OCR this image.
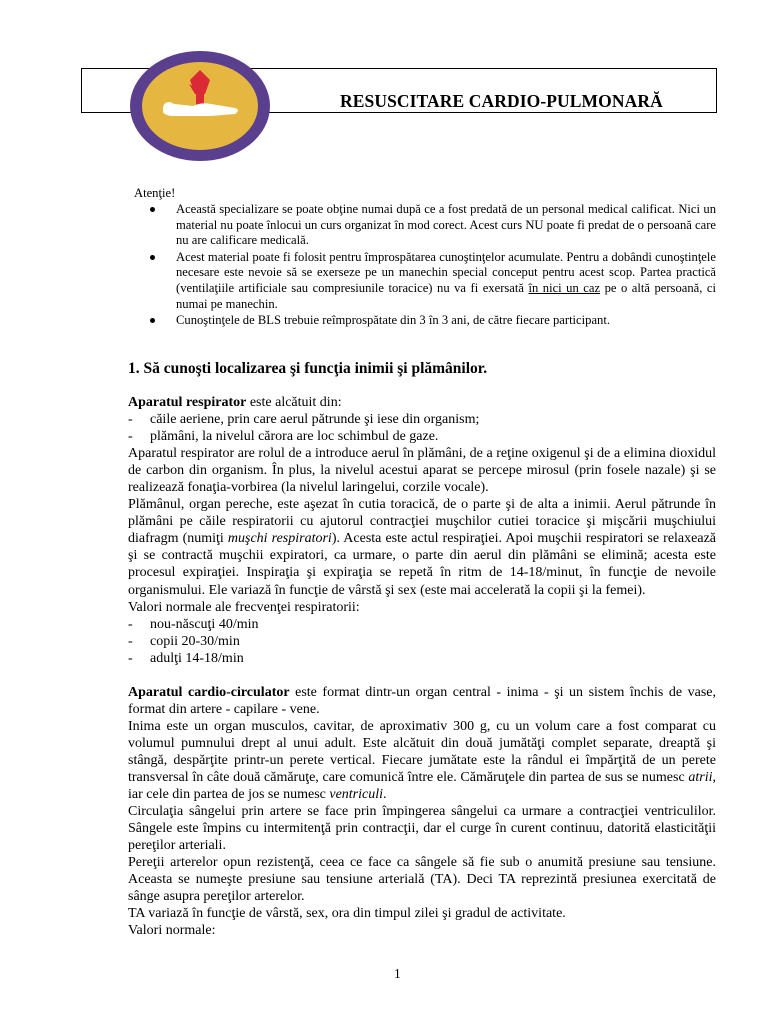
RESUSCITARE CARDIO-PULMONARĂ
Atenţie!
Această specializare se poate obţine numai după ce a fost predată de un personal medical calificat. Nici un material nu poate înlocui un curs organizat în mod corect. Acest curs NU poate fi predat de o persoană care nu are calificare medicală.
Acest material poate fi folosit pentru împrospătarea cunoştinţelor acumulate. Pentru a dobândi cunoştinţele necesare este nevoie să se exerseze pe un manechin special conceput pentru acest scop. Partea practică (ventilaţiile artificiale sau compresiunile toracice) nu va fi exersată în nici un caz pe o altă persoană, ci numai pe manechin.
Cunoştinţele de BLS trebuie reîmprospătate din 3 în 3 ani, de către fiecare participant.
1. Să cunoşti localizarea şi funcţia inimii şi plămânilor.

Aparatul respirator este alcătuit din:

- căile aeriene, prin care aerul pătrunde şi iese din organism;

- plămâni, la nivelul cărora are loc schimbul de gaze.

Aparatul respirator are rolul de a introduce aerul în plămâni, de a reţine oxigenul şi de a elimina dioxidul de carbon din organism. În plus, la nivelul acestui aparat se percepe mirosul (prin fosele nazale) şi se realizează fonaţia-vorbirea (la nivelul laringelui, corzile vocale).

Plămânul, organ pereche, este aşezat în cutia toracică, de o parte şi de alta a inimii. Aerul pătrunde în plămâni pe căile respiratorii cu ajutorul contracţiei muşchilor cutiei toracice şi mişcării muşchiului diafragm (numiţi muşchi respiratori). Acesta este actul respiraţiei. Apoi muşchii respiratori se relaxează şi se contractă muşchii expiratori, ca urmare, o parte din aerul din plămâni se elimină; acesta este procesul expiraţiei. Inspiraţia şi expiraţia se repetă în ritm de 14-18/minut, în funcţie de nevoile organismului. Ele variază în funcţie de vârstă şi sex (este mai accelerată la copii şi la femei).

Valori normale ale frecvenţei respiratorii:

- nou-născuţi 40/min

- copii 20-30/min

- adulţi 14-18/min

Aparatul cardio-circulator este format dintr-un organ central - inima - şi un sistem închis de vase, format din artere - capilare - vene.

Inima este un organ musculos, cavitar, de aproximativ 300 g, cu un volum care a fost comparat cu volumul pumnului drept al unui adult. Este alcătuit din două jumătăţi complet separate, dreaptă şi stângă, despărţite printr-un perete vertical. Fiecare jumătate este la rândul ei împărţită de un perete transversal în câte două cămăruţe, care comunică între ele. Cămăruţele din partea de sus se numesc atrii, iar cele din partea de jos se numesc ventriculi.

Circulaţia sângelui prin artere se face prin împingerea sângelui ca urmare a contracţiei ventriculilor. Sângele este împins cu intermitenţă prin contracţii, dar el curge în curent continuu, datorită elasticităţii pereţilor arteriali.

Pereţii arterelor opun rezistenţă, ceea ce face ca sângele să fie sub o anumită presiune sau tensiune. Aceasta se numeşte presiune sau tensiune arterială (TA). Deci TA reprezintă presiunea exercitată de sânge asupra pereţilor arterelor.

TA variază în funcţie de vârstă, sex, ora din timpul zilei şi gradul de activitate.

Valori normale:

1
